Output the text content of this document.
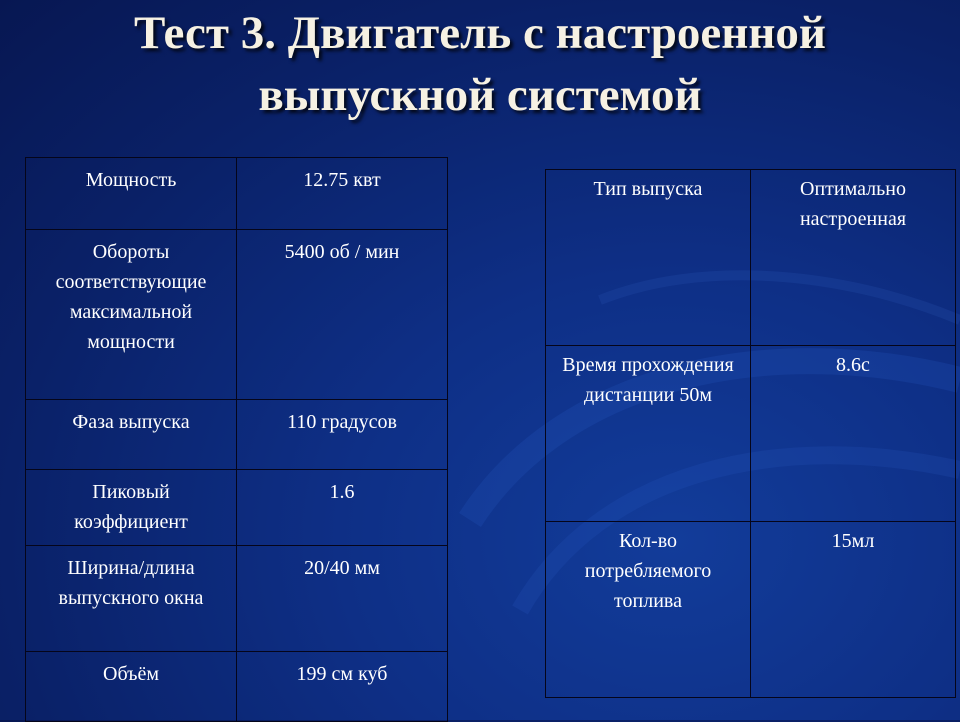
Тест 3. Двигатель с настроенной
выпускной системой
Мощность	12.75 квт

Обороты соответствующие максимальной мощности	5400 об / мин

Фаза выпуска	110 градусов

Пиковый коэффициент	1.6

Ширина/длина выпускного окна	20/40 мм

Объём	199 см куб
Тип выпуска	Оптимально настроенная

Время прохождения дистанции 50м	8.6с

Кол-во потребляемого топлива	15мл
